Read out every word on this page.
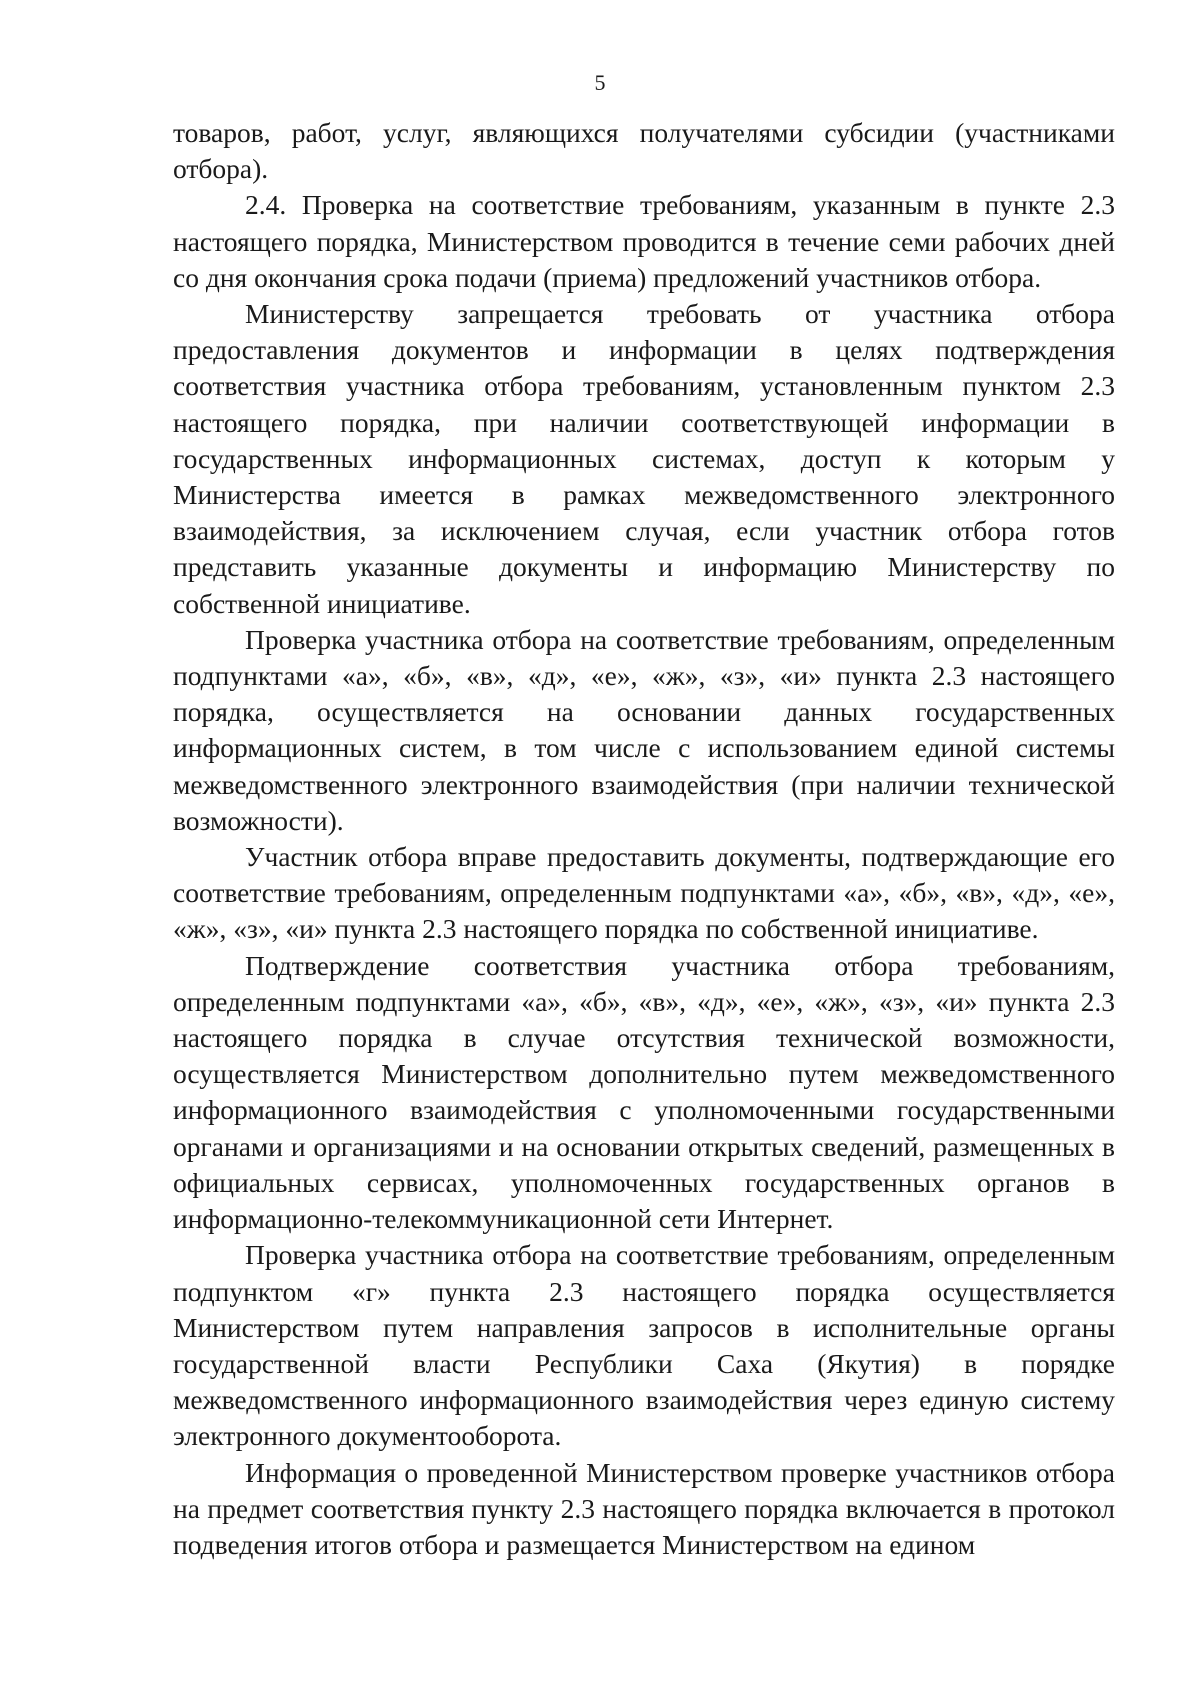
5

товаров, работ, услуг, являющихся получателями субсидии (участниками отбора).

2.4. Проверка на соответствие требованиям, указанным в пункте 2.3 настоящего порядка, Министерством проводится в течение семи рабочих дней со дня окончания срока подачи (приема) предложений участников отбора.

Министерству запрещается требовать от участника отбора предоставления документов и информации в целях подтверждения соответствия участника отбора требованиям, установленным пунктом 2.3 настоящего порядка, при наличии соответствующей информации в государственных информационных системах, доступ к которым у Министерства имеется в рамках межведомственного электронного взаимодействия, за исключением случая, если участник отбора готов представить указанные документы и информацию Министерству по собственной инициативе.

Проверка участника отбора на соответствие требованиям, определенным подпунктами «а», «б», «в», «д», «е», «ж», «з», «и» пункта 2.3 настоящего порядка, осуществляется на основании данных государственных информационных систем, в том числе с использованием единой системы межведомственного электронного взаимодействия (при наличии технической возможности).

Участник отбора вправе предоставить документы, подтверждающие его соответствие требованиям, определенным подпунктами «а», «б», «в», «д», «е», «ж», «з», «и» пункта 2.3 настоящего порядка по собственной инициативе.

Подтверждение соответствия участника отбора требованиям, определенным подпунктами «а», «б», «в», «д», «е», «ж», «з», «и» пункта 2.3 настоящего порядка в случае отсутствия технической возможности, осуществляется Министерством дополнительно путем межведомственного информационного взаимодействия с уполномоченными государственными органами и организациями и на основании открытых сведений, размещенных в официальных сервисах, уполномоченных государственных органов в информационно-телекоммуникационной сети Интернет.

Проверка участника отбора на соответствие требованиям, определенным подпунктом «г» пункта 2.3 настоящего порядка осуществляется Министерством путем направления запросов в исполнительные органы государственной власти Республики Саха (Якутия) в порядке межведомственного информационного взаимодействия через единую систему электронного документооборота.

Информация о проведенной Министерством проверке участников отбора на предмет соответствия пункту 2.3 настоящего порядка включается в протокол подведения итогов отбора и размещается Министерством на едином
